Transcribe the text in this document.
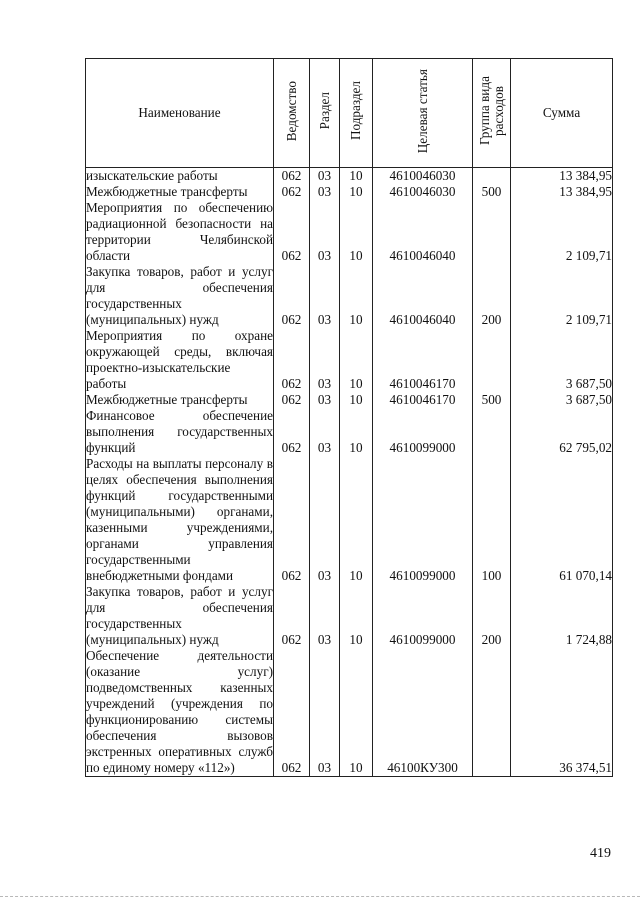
Наименование	Ведомство	Раздел	Подраздел	Целевая статья	Группа вида расходов	Сумма
изыскательские работы	062	03	10	4610046030		13 384,95
Межбюджетные трансферты	062	03	10	4610046030	500	13 384,95
Мероприятия по обеспечению радиационной безопасности на территории Челябинской области	062	03	10	4610046040		2 109,71
Закупка товаров, работ и услуг для обеспечения государственных (муниципальных) нужд	062	03	10	4610046040	200	2 109,71
Мероприятия по охране окружающей среды, включая проектно-изыскательские работы	062	03	10	4610046170		3 687,50
Межбюджетные трансферты	062	03	10	4610046170	500	3 687,50
Финансовое обеспечение выполнения государственных функций	062	03	10	4610099000		62 795,02
Расходы на выплаты персоналу в целях обеспечения выполнения функций государственными (муниципальными) органами, казенными учреждениями, органами управления государственными внебюджетными фондами	062	03	10	4610099000	100	61 070,14
Закупка товаров, работ и услуг для обеспечения государственных (муниципальных) нужд	062	03	10	4610099000	200	1 724,88
Обеспечение деятельности (оказание услуг) подведомственных казенных учреждений (учреждения по функционированию системы обеспечения вызовов экстренных оперативных служб по единому номеру «112»)	062	03	10	46100КУ300		36 374,51
419
